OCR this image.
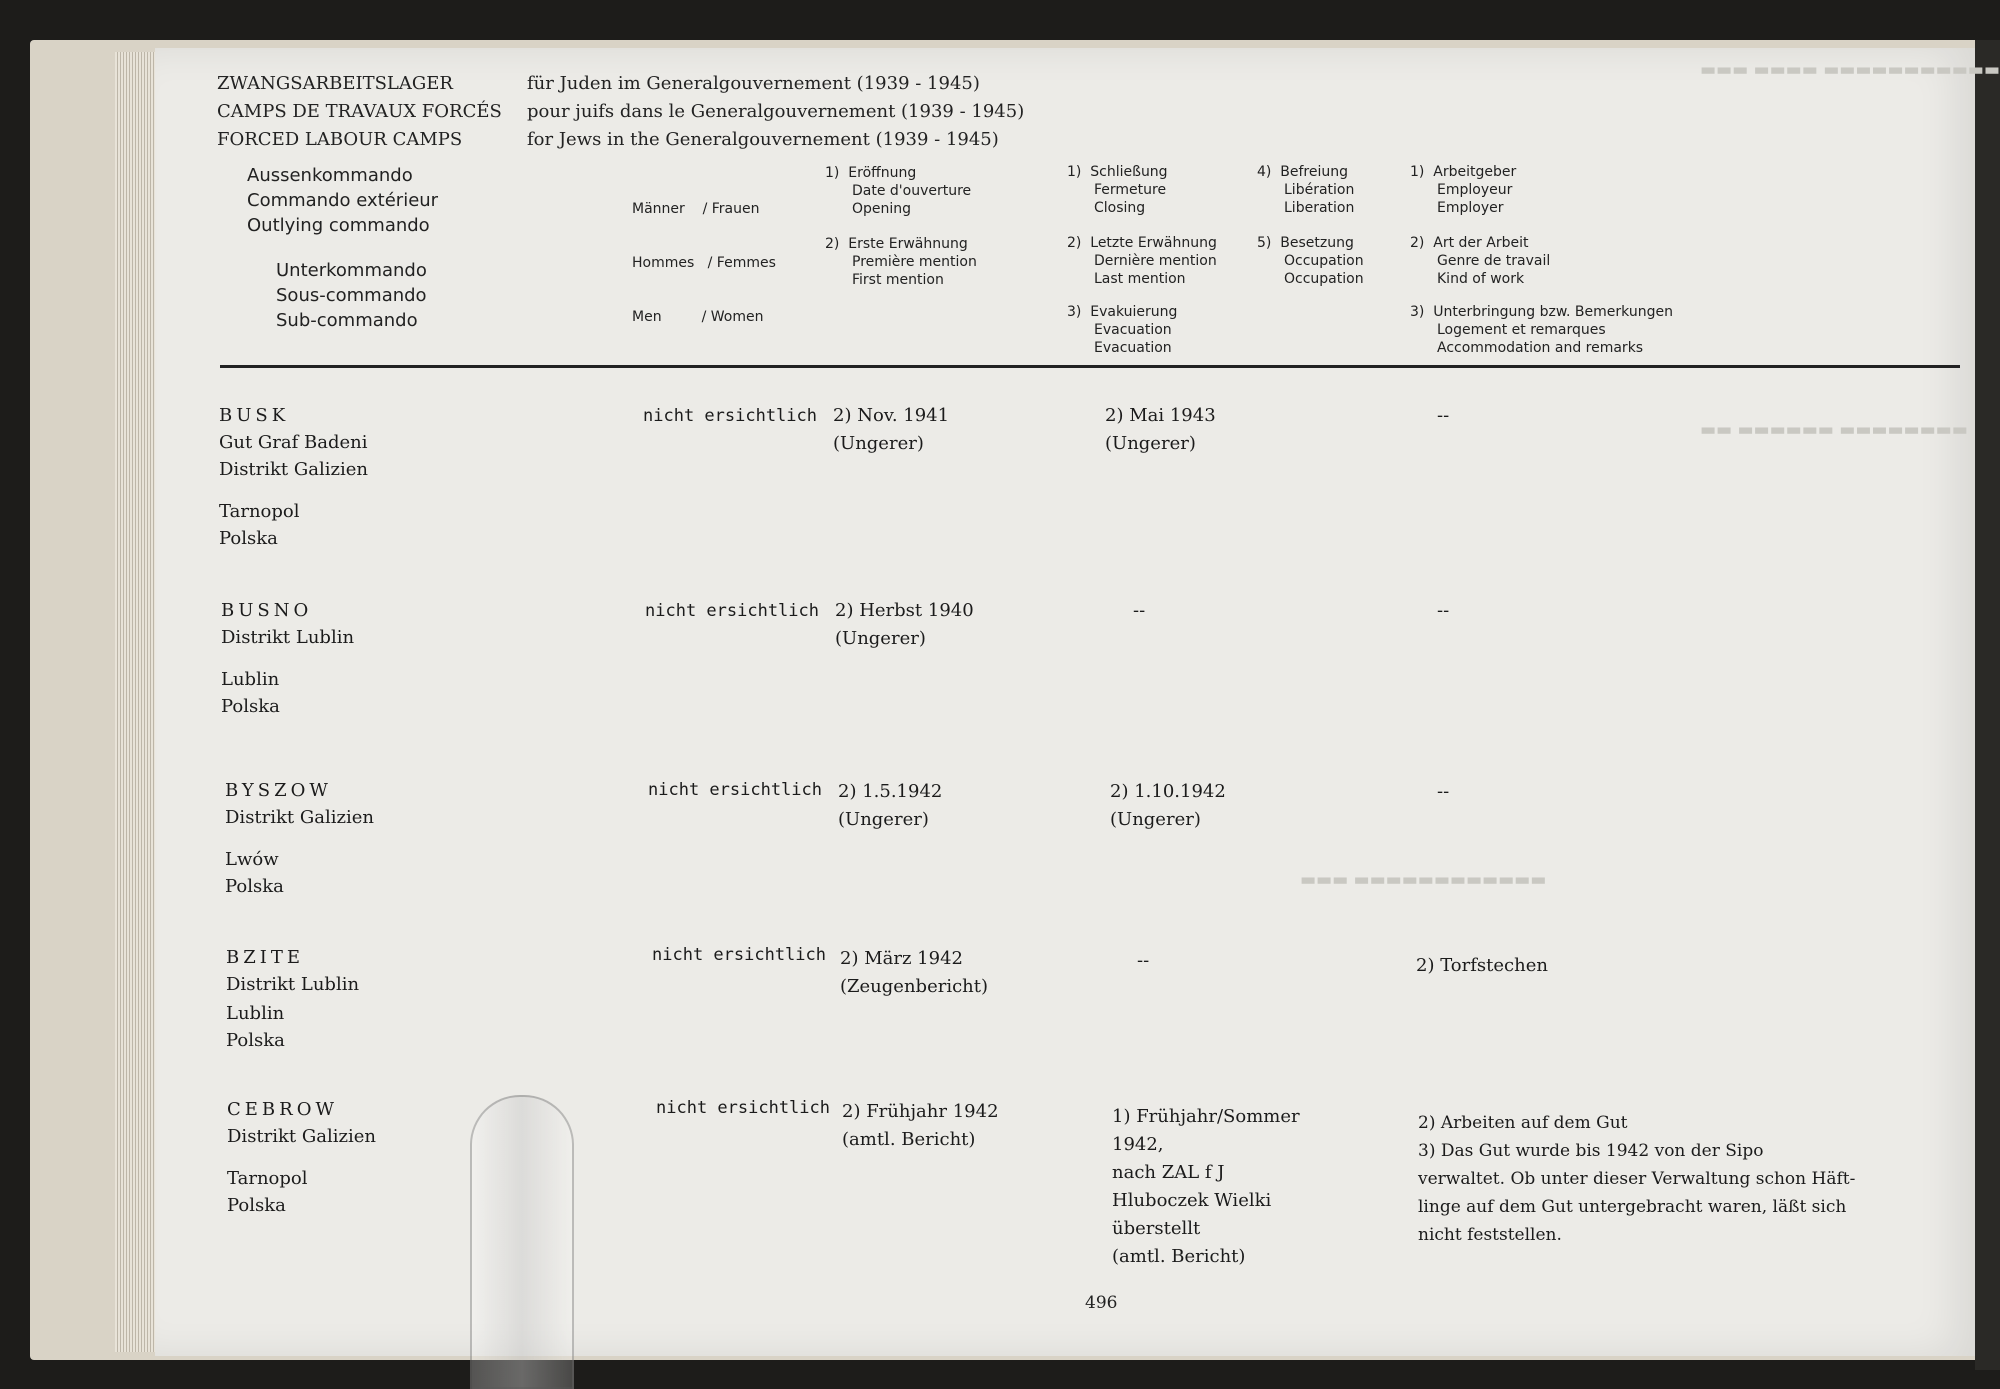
▬▬▬▬▬▬▬▬▬▬▬ ▬▬▬▬ ▬▬▬
▬▬▬▬▬▬▬▬ ▬▬▬▬▬▬ ▬▬
▬▬▬▬▬▬▬▬▬▬▬▬ ▬▬▬
ZWANGSARBEITSLAGER
CAMPS DE TRAVAUX FORCÉS
FORCED LABOUR CAMPS
für Juden im Generalgouvernement (1939 - 1945)
pour juifs dans le Generalgouvernement (1939 - 1945)
for Jews in the Generalgouvernement (1939 - 1945)
Aussenkommando
Commando extérieur
Outlying commando
Unterkommando
Sous-commando
Sub-commando

Männer    / Frauen

Hommes   / Femmes

Men         / Women

1)  Eröffnung
Date d'ouverture
Opening
2)  Erste Erwähnung
Première mention
First mention
1)  Schließung
Fermeture
Closing
2)  Letzte Erwähnung
Dernière mention
Last mention
3)  Evakuierung
Evacuation
Evacuation
4)  Befreiung
Libération
Liberation
5)  Besetzung
Occupation
Occupation
1)  Arbeitgeber
Employeur
Employer
2)  Art der Arbeit
Genre de travail
Kind of work
3)  Unterbringung bzw. Bemerkungen
Logement et remarques
Accommodation and remarks
BUSK
Gut Graf Badeni
Distrikt Galizien
Tarnopol
Polska
nicht ersichtlich 2) Nov. 1941
(Ungerer)
2) Mai 1943
(Ungerer)
--
BUSNO
Distrikt Lublin
Lublin
Polska
nicht ersichtlich 2) Herbst 1940
(Ungerer)
--	--
BYSZOW
Distrikt Galizien
Lwów
Polska
nicht ersichtlich 2) 1.5.1942
(Ungerer)
2) 1.10.1942
(Ungerer)
--
BZITE
Distrikt Lublin
Lublin
Polska
nicht ersichtlich 2) März 1942
(Zeugenbericht)
--	2) Torfstechen
CEBROW
Distrikt Galizien
Tarnopol
Polska
nicht ersichtlich 2) Frühjahr 1942
(amtl. Bericht)
1) Frühjahr/Sommer
1942,
nach ZAL f J
Hluboczek Wielki
überstellt
(amtl. Bericht)
2) Arbeiten auf dem Gut
3) Das Gut wurde bis 1942 von der Sipo
verwaltet. Ob unter dieser Verwaltung schon Häft-
linge auf dem Gut untergebracht waren, läßt sich
nicht feststellen.
496
